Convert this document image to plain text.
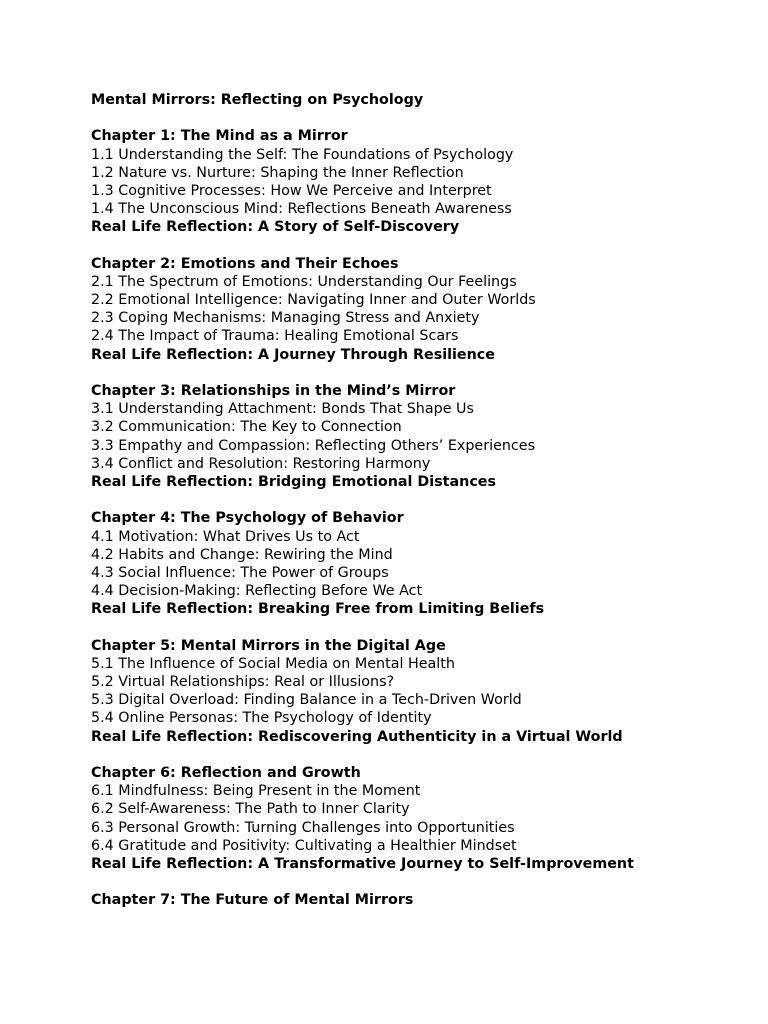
Mental Mirrors: Reflecting on Psychology
Chapter 1: The Mind as a Mirror
1.1 Understanding the Self: The Foundations of Psychology
1.2 Nature vs. Nurture: Shaping the Inner Reflection
1.3 Cognitive Processes: How We Perceive and Interpret
1.4 The Unconscious Mind: Reflections Beneath Awareness
Real Life Reflection: A Story of Self-Discovery
Chapter 2: Emotions and Their Echoes
2.1 The Spectrum of Emotions: Understanding Our Feelings
2.2 Emotional Intelligence: Navigating Inner and Outer Worlds
2.3 Coping Mechanisms: Managing Stress and Anxiety
2.4 The Impact of Trauma: Healing Emotional Scars
Real Life Reflection: A Journey Through Resilience
Chapter 3: Relationships in the Mind’s Mirror
3.1 Understanding Attachment: Bonds That Shape Us
3.2 Communication: The Key to Connection
3.3 Empathy and Compassion: Reflecting Others’ Experiences
3.4 Conflict and Resolution: Restoring Harmony
Real Life Reflection: Bridging Emotional Distances
Chapter 4: The Psychology of Behavior
4.1 Motivation: What Drives Us to Act
4.2 Habits and Change: Rewiring the Mind
4.3 Social Influence: The Power of Groups
4.4 Decision-Making: Reflecting Before We Act
Real Life Reflection: Breaking Free from Limiting Beliefs
Chapter 5: Mental Mirrors in the Digital Age
5.1 The Influence of Social Media on Mental Health
5.2 Virtual Relationships: Real or Illusions?
5.3 Digital Overload: Finding Balance in a Tech-Driven World
5.4 Online Personas: The Psychology of Identity
Real Life Reflection: Rediscovering Authenticity in a Virtual World
Chapter 6: Reflection and Growth
6.1 Mindfulness: Being Present in the Moment
6.2 Self-Awareness: The Path to Inner Clarity
6.3 Personal Growth: Turning Challenges into Opportunities
6.4 Gratitude and Positivity: Cultivating a Healthier Mindset
Real Life Reflection: A Transformative Journey to Self-Improvement
Chapter 7: The Future of Mental Mirrors
